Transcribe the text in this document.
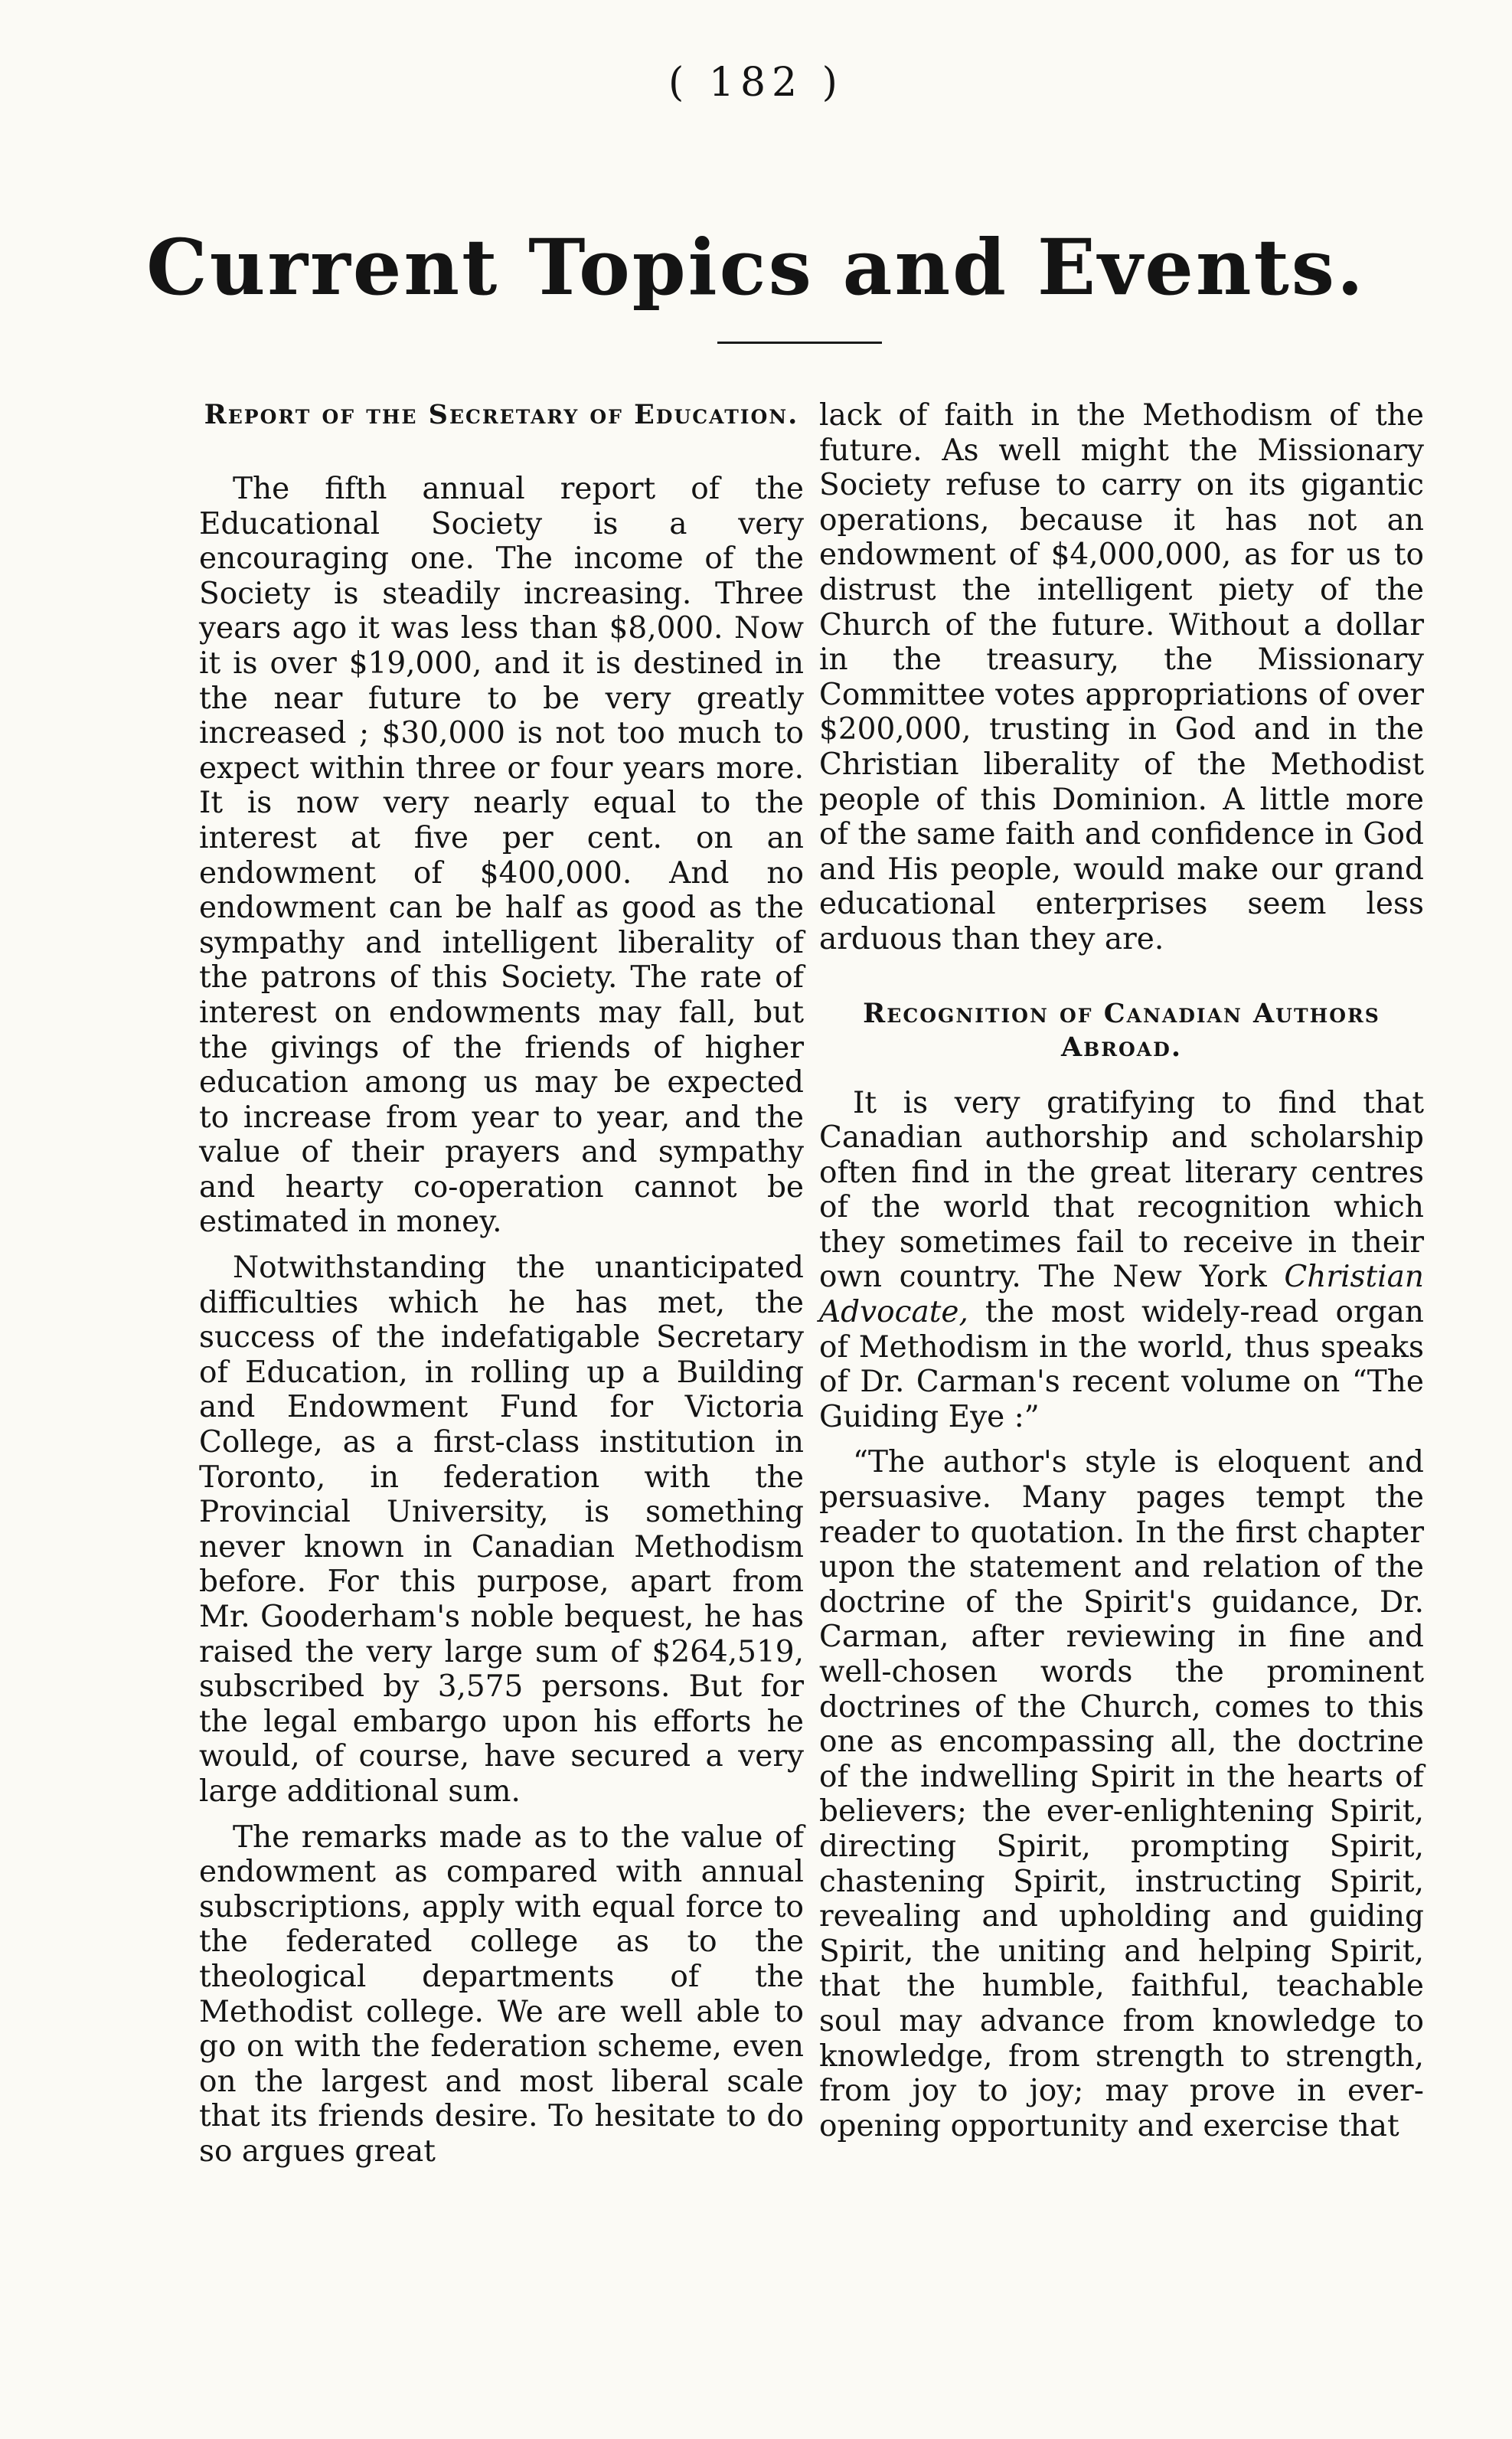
( 182 )
Current Topics and Events.
Report of the Secretary of Education.

The fifth annual report of the Educational Society is a very encouraging one. The income of the Society is steadily increasing. Three years ago it was less than $8,000. Now it is over $19,000, and it is destined in the near future to be very greatly increased ; $30,000 is not too much to expect within three or four years more. It is now very nearly equal to the interest at five per cent. on an endowment of $400,000. And no endowment can be half as good as the sympathy and intelligent liberality of the patrons of this Society. The rate of interest on endowments may fall, but the givings of the friends of higher education among us may be expected to increase from year to year, and the value of their prayers and sympathy and hearty co-operation cannot be estimated in money.

Notwithstanding the unanticipated difficulties which he has met, the success of the indefatigable Secretary of Education, in rolling up a Building and Endowment Fund for Victoria College, as a first-class institution in Toronto, in federation with the Provincial University, is something never known in Canadian Methodism before. For this purpose, apart from Mr. Gooderham's noble bequest, he has raised the very large sum of $264,519, subscribed by 3,575 persons. But for the legal embargo upon his efforts he would, of course, have secured a very large additional sum.

The remarks made as to the value of endowment as compared with annual subscriptions, apply with equal force to the federated college as to the theological departments of the Methodist college. We are well able to go on with the federation scheme, even on the largest and most liberal scale that its friends desire. To hesitate to do so argues great

lack of faith in the Methodism of the future. As well might the Missionary Society refuse to carry on its gigantic operations, because it has not an endowment of $4,000,000, as for us to distrust the intelligent piety of the Church of the future. Without a dollar in the treasury, the Missionary Committee votes appropriations of over $200,000, trusting in God and in the Christian liberality of the Methodist people of this Dominion. A little more of the same faith and confidence in God and His people, would make our grand educational enterprises seem less arduous than they are.

Recognition of Canadian Authors Abroad.

It is very gratifying to find that Canadian authorship and scholarship often find in the great literary centres of the world that recognition which they sometimes fail to receive in their own country. The New York Christian Advocate, the most widely-read organ of Methodism in the world, thus speaks of Dr. Carman's recent volume on “The Guiding Eye :”

“The author's style is eloquent and persuasive. Many pages tempt the reader to quotation. In the first chapter upon the statement and relation of the doctrine of the Spirit's guidance, Dr. Carman, after reviewing in fine and well-chosen words the prominent doctrines of the Church, comes to this one as encompassing all, the doctrine of the indwelling Spirit in the hearts of believers; the ever-enlightening Spirit, directing Spirit, prompting Spirit, chastening Spirit, instructing Spirit, revealing and upholding and guiding Spirit, the uniting and helping Spirit, that the humble, faithful, teachable soul may advance from knowledge to knowledge, from strength to strength, from joy to joy; may prove in ever-opening opportunity and exercise that
